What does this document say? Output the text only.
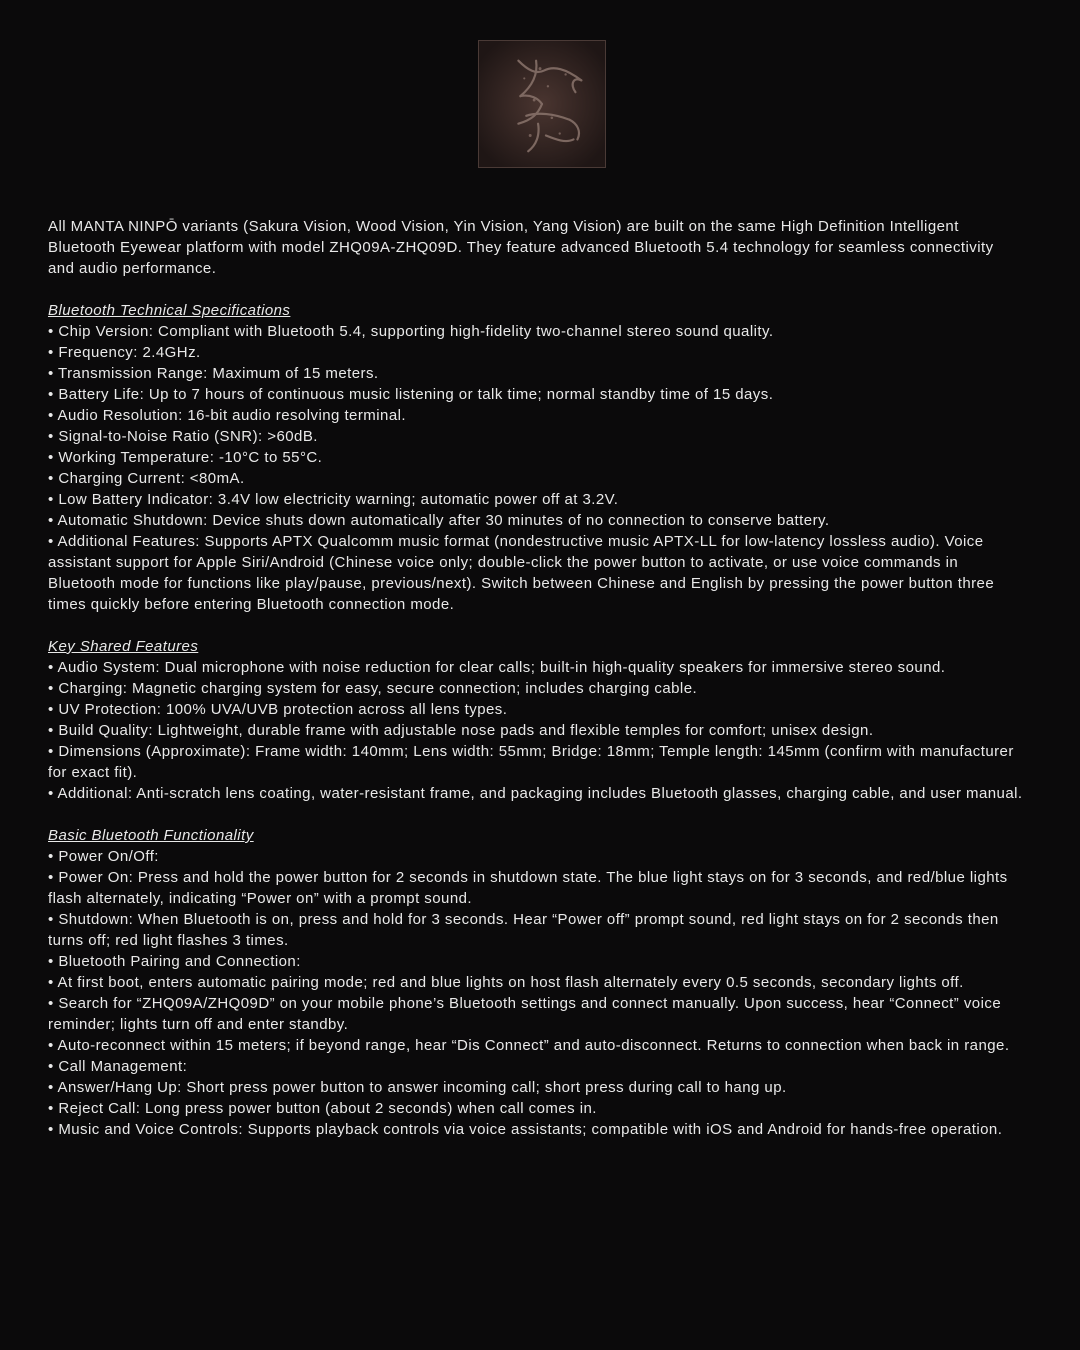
All MANTA NINPŌ variants (Sakura Vision, Wood Vision, Yin Vision, Yang Vision) are built on the same High Definition Intelligent Bluetooth Eyewear platform with model ZHQ09A-ZHQ09D. They feature advanced Bluetooth 5.4 technology for seamless connectivity and audio performance.

Bluetooth Technical Specifications

• Chip Version: Compliant with Bluetooth 5.4, supporting high-fidelity two-channel stereo sound quality.

• Frequency: 2.4GHz.

• Transmission Range: Maximum of 15 meters.

• Battery Life: Up to 7 hours of continuous music listening or talk time; normal standby time of 15 days.

• Audio Resolution: 16-bit audio resolving terminal.

• Signal-to-Noise Ratio (SNR): >60dB.

• Working Temperature: -10°C to 55°C.

• Charging Current: <80mA.

• Low Battery Indicator: 3.4V low electricity warning; automatic power off at 3.2V.

• Automatic Shutdown: Device shuts down automatically after 30 minutes of no connection to conserve battery.

• Additional Features: Supports APTX Qualcomm music format (nondestructive music APTX-LL for low-latency lossless audio). Voice assistant support for Apple Siri/Android (Chinese voice only; double-click the power button to activate, or use voice commands in Bluetooth mode for functions like play/pause, previous/next). Switch between Chinese and English by pressing the power button three times quickly before entering Bluetooth connection mode.

Key Shared Features

• Audio System: Dual microphone with noise reduction for clear calls; built-in high-quality speakers for immersive stereo sound.

• Charging: Magnetic charging system for easy, secure connection; includes charging cable.

• UV Protection: 100% UVA/UVB protection across all lens types.

• Build Quality: Lightweight, durable frame with adjustable nose pads and flexible temples for comfort; unisex design.

• Dimensions (Approximate): Frame width: 140mm; Lens width: 55mm; Bridge: 18mm; Temple length: 145mm (confirm with manufacturer for exact fit).

• Additional: Anti-scratch lens coating, water-resistant frame, and packaging includes Bluetooth glasses, charging cable, and user manual.

Basic Bluetooth Functionality

• Power On/Off:

• Power On: Press and hold the power button for 2 seconds in shutdown state. The blue light stays on for 3 seconds, and red/blue lights flash alternately, indicating “Power on” with a prompt sound.

• Shutdown: When Bluetooth is on, press and hold for 3 seconds. Hear “Power off” prompt sound, red light stays on for 2 seconds then turns off; red light flashes 3 times.

• Bluetooth Pairing and Connection:

• At first boot, enters automatic pairing mode; red and blue lights on host flash alternately every 0.5 seconds, secondary lights off.

• Search for “ZHQ09A/ZHQ09D” on your mobile phone’s Bluetooth settings and connect manually. Upon success, hear “Connect” voice reminder; lights turn off and enter standby.

• Auto-reconnect within 15 meters; if beyond range, hear “Dis Connect” and auto-disconnect. Returns to connection when back in range.

• Call Management:

• Answer/Hang Up: Short press power button to answer incoming call; short press during call to hang up.

• Reject Call: Long press power button (about 2 seconds) when call comes in.

• Music and Voice Controls: Supports playback controls via voice assistants; compatible with iOS and Android for hands-free operation.
